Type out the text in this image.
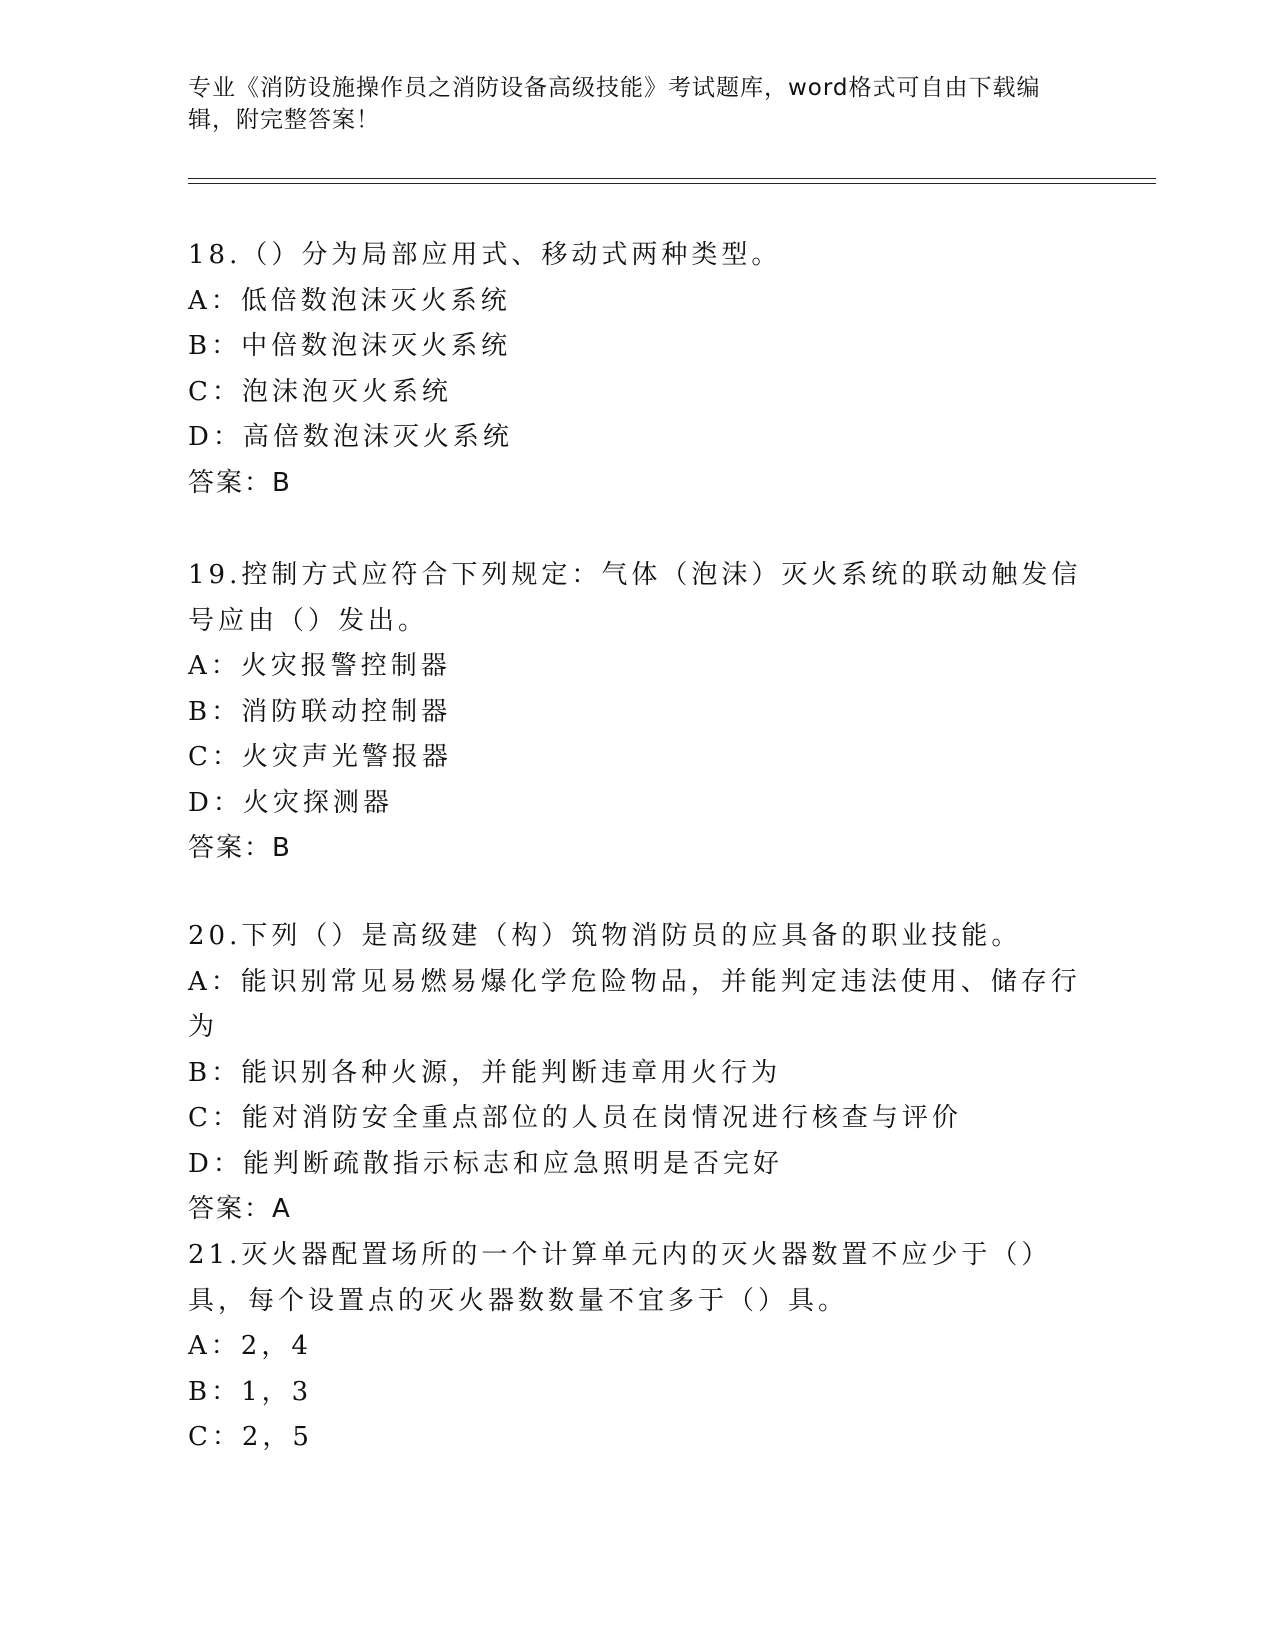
专业《消防设施操作员之消防设备高级技能》考试题库，word格式可自由下载编辑，附完整答案！
18.（）分为局部应用式、移动式两种类型。
A：低倍数泡沫灭火系统
B：中倍数泡沫灭火系统
C：泡沫泡灭火系统
D：高倍数泡沫灭火系统
答案：B
19.控制方式应符合下列规定：气体（泡沫）灭火系统的联动触发信号应由（）发出。
A：火灾报警控制器
B：消防联动控制器
C：火灾声光警报器
D：火灾探测器
答案：B
20.下列（）是高级建（构）筑物消防员的应具备的职业技能。
A：能识别常见易燃易爆化学危险物品，并能判定违法使用、储存行为
B：能识别各种火源，并能判断违章用火行为
C：能对消防安全重点部位的人员在岗情况进行核查与评价
D：能判断疏散指示标志和应急照明是否完好
答案：A
21.灭火器配置场所的一个计算单元内的灭火器数置不应少于（）具，每个设置点的灭火器数数量不宜多于（）具。
A：2，4
B：1，3
C：2，5
